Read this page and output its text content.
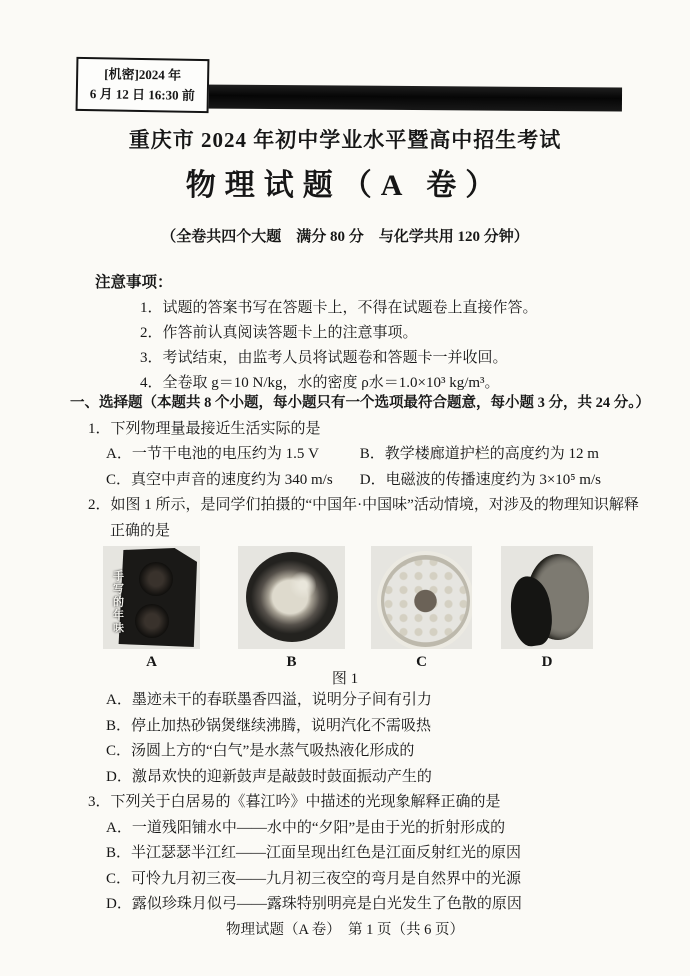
[机密]2024 年
6 月 12 日 16:30 前
重庆市 2024 年初中学业水平暨高中招生考试
物理试题（A 卷）
（全卷共四个大题　满分 80 分　与化学共用 120 分钟）
注意事项：
1．试题的答案书写在答题卡上，不得在试题卷上直接作答。
2．作答前认真阅读答题卡上的注意事项。
3．考试结束，由监考人员将试题卷和答题卡一并收回。
4．全卷取 g＝10 N/kg，水的密度 ρ水＝1.0×10³ kg/m³。
一、选择题（本题共 8 个小题，每小题只有一个选项最符合题意，每小题 3 分，共 24 分。）
1．下列物理量最接近生活实际的是
A．一节干电池的电压约为 1.5 V	B．教学楼廊道护栏的高度约为 12 m
C．真空中声音的速度约为 340 m/s D．电磁波的传播速度约为 3×10⁵ m/s
2．如图 1 所示，是同学们拍摄的“中国年·中国味”活动情境，对涉及的物理知识解释正确的是
手写的年味
A	B	C	D
图 1
A．墨迹未干的春联墨香四溢，说明分子间有引力
B．停止加热砂锅煲继续沸腾，说明汽化不需吸热
C．汤圆上方的“白气”是水蒸气吸热液化形成的
D．激昂欢快的迎新鼓声是敲鼓时鼓面振动产生的
3．下列关于白居易的《暮江吟》中描述的光现象解释正确的是
A．一道残阳铺水中——水中的“夕阳”是由于光的折射形成的
B．半江瑟瑟半江红——江面呈现出红色是江面反射红光的原因
C．可怜九月初三夜——九月初三夜空的弯月是自然界中的光源
D．露似珍珠月似弓——露珠特别明亮是白光发生了色散的原因
物理试题（A 卷）　第 1 页（共 6 页）
